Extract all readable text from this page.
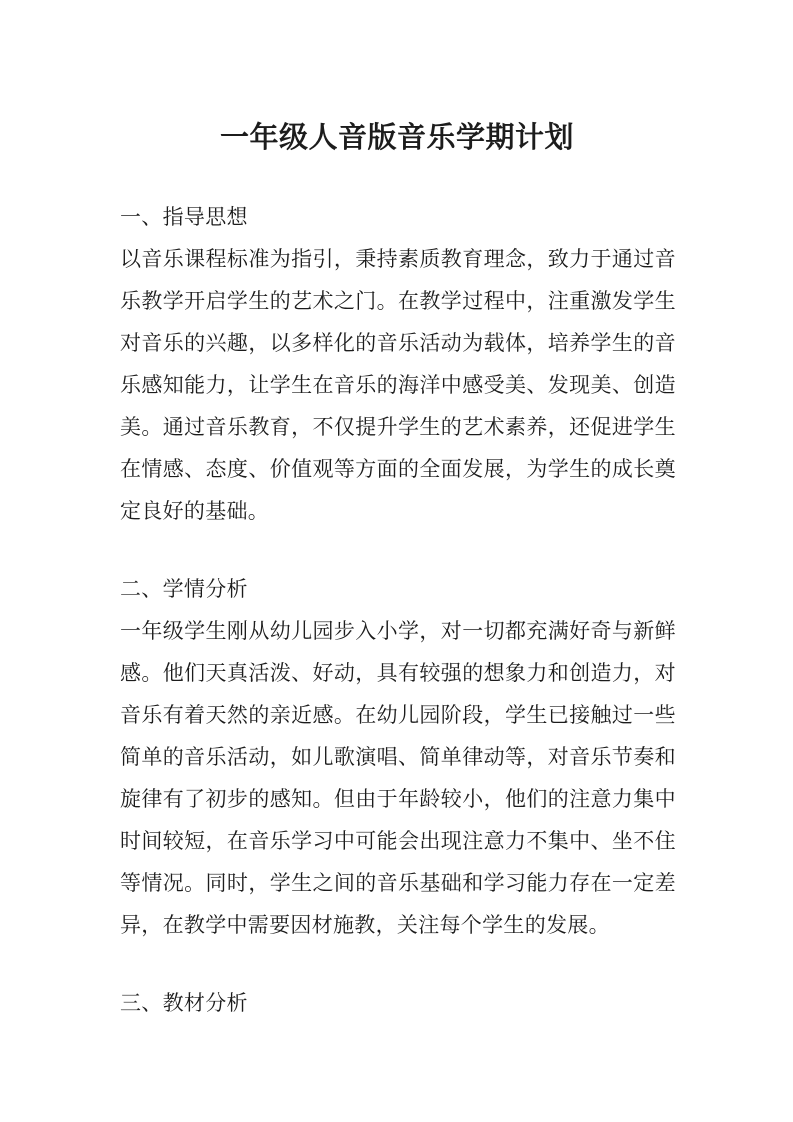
一年级人音版音乐学期计划
一、指导思想

以音乐课程标准为指引，秉持素质教育理念，致力于通过音乐教学开启学生的艺术之门。在教学过程中，注重激发学生对音乐的兴趣，以多样化的音乐活动为载体，培养学生的音乐感知能力，让学生在音乐的海洋中感受美、发现美、创造美。通过音乐教育，不仅提升学生的艺术素养，还促进学生在情感、态度、价值观等方面的全面发展，为学生的成长奠定良好的基础。

二、学情分析

一年级学生刚从幼儿园步入小学，对一切都充满好奇与新鲜感。他们天真活泼、好动，具有较强的想象力和创造力，对音乐有着天然的亲近感。在幼儿园阶段，学生已接触过一些简单的音乐活动，如儿歌演唱、简单律动等，对音乐节奏和旋律有了初步的感知。但由于年龄较小，他们的注意力集中时间较短，在音乐学习中可能会出现注意力不集中、坐不住等情况。同时，学生之间的音乐基础和学习能力存在一定差异，在教学中需要因材施教，关注每个学生的发展。

三、教材分析
